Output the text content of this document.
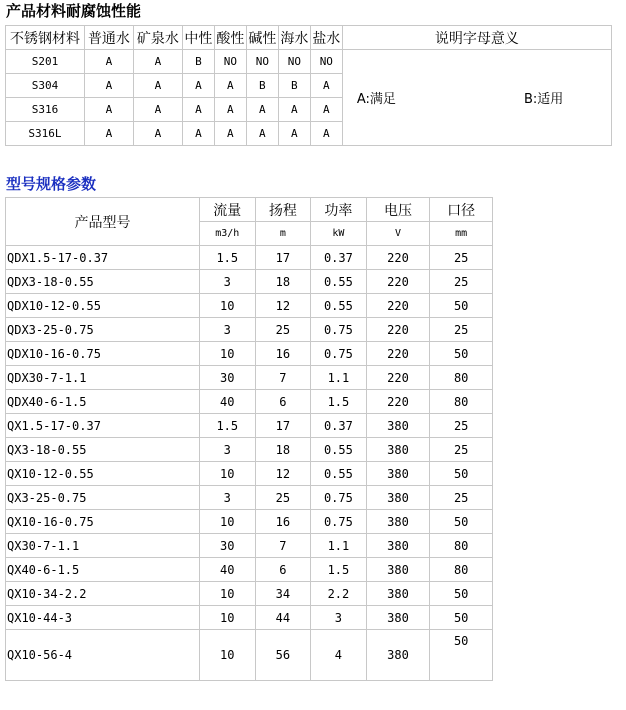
产品材料耐腐蚀性能
不锈钢材料	普通水	矿泉水	中性	酸性	碱性	海水	盐水	说明字母意义
S201	A	A	B	NO	NO	NO	NO	A:满足 B:适用
S304	A	A	A	A	B	B	A	
S316	A	A	A	A	A	A	A	
S316L	A	A	A	A	A	A	A	
型号规格参数
产品型号	流量	扬程	功率	电压	口径
	m3/h	m	kW	V	mm
QDX1.5-17-0.37	1.5	17	0.37	220	25
QDX3-18-0.55	3	18	0.55	220	25
QDX10-12-0.55	10	12	0.55	220	50
QDX3-25-0.75	3	25	0.75	220	25
QDX10-16-0.75	10	16	0.75	220	50
QDX30-7-1.1	30	7	1.1	220	80
QDX40-6-1.5	40	6	1.5	220	80
QX1.5-17-0.37	1.5	17	0.37	380	25
QX3-18-0.55	3	18	0.55	380	25
QX10-12-0.55	10	12	0.55	380	50
QX3-25-0.75	3	25	0.75	380	25
QX10-16-0.75	10	16	0.75	380	50
QX30-7-1.1	30	7	1.1	380	80
QX40-6-1.5	40	6	1.5	380	80
QX10-34-2.2	10	34	2.2	380	50
QX10-44-3	10	44	3	380	50
QX10-56-4	10	56	4	380	50
